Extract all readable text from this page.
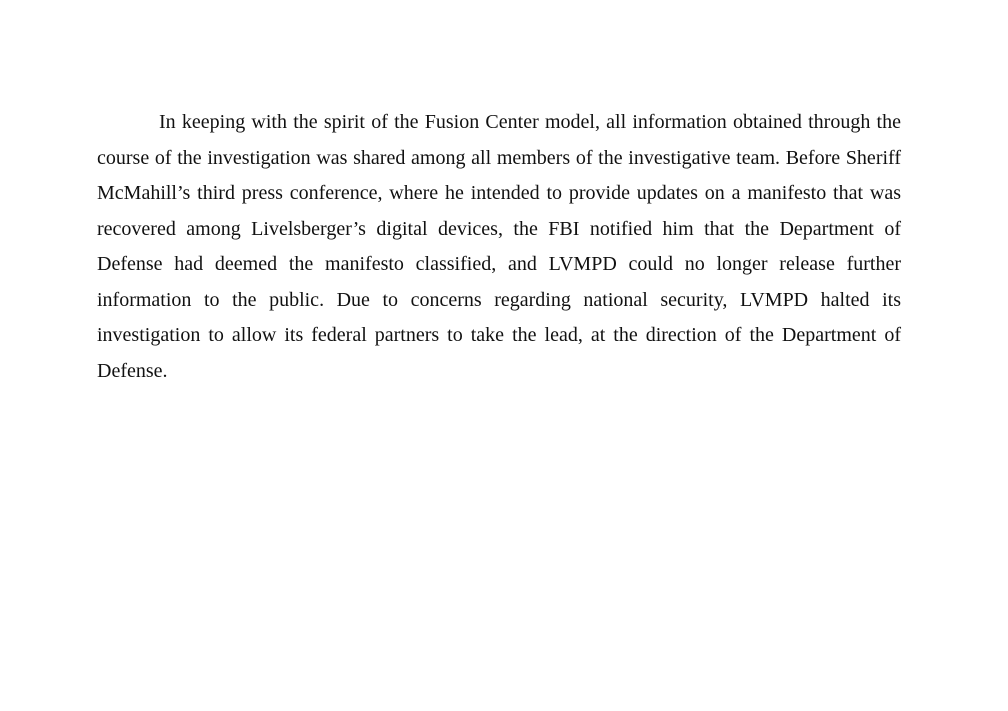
In keeping with the spirit of the Fusion Center model, all information obtained through the course of the investigation was shared among all members of the investigative team. Before Sheriff McMahill’s third press conference, where he intended to provide updates on a manifesto that was recovered among Livelsberger’s digital devices, the FBI notified him that the Department of Defense had deemed the manifesto classified, and LVMPD could no longer release further information to the public. Due to concerns regarding national security, LVMPD halted its investigation to allow its federal partners to take the lead, at the direction of the Department of Defense.
